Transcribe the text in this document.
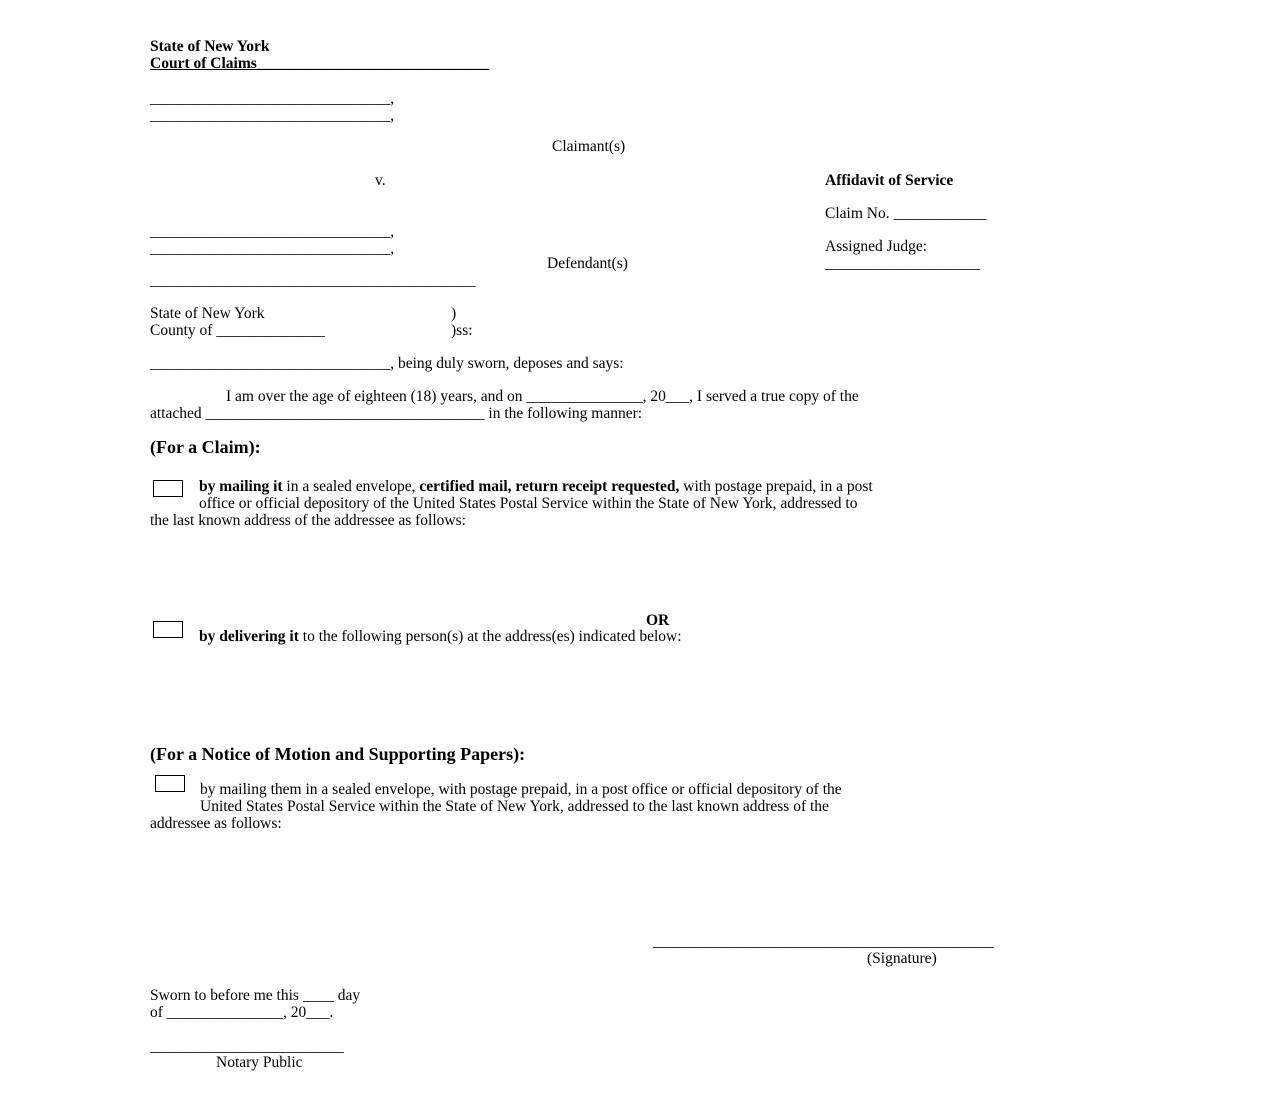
State of New York
Court of Claims______________________________
_______________________________,
_______________________________,
Claimant(s)
v.	Affidavit of Service
Claim No. ____________
Assigned Judge:
____________________
_______________________________,
_______________________________,
Defendant(s)
__________________________________________
State of New York	)
County of ______________	)ss:
_______________________________, being duly sworn, deposes and says:
I am over the age of eighteen (18) years, and on _______________, 20___, I served a true copy of the
attached ____________________________________ in the following manner:
(For a Claim):
by mailing it in a sealed envelope, certified mail, return receipt requested, with postage prepaid, in a post
office or official depository of the United States Postal Service within the State of New York, addressed to
the last known address of the addressee as follows:
OR
by delivering it to the following person(s) at the address(es) indicated below:
(For a Notice of Motion and Supporting Papers):
by mailing them in a sealed envelope, with postage prepaid, in a post office or official depository of the
United States Postal Service within the State of New York, addressed to the last known address of the
addressee as follows:
____________________________________________
(Signature)
Sworn to before me this ____ day
of _______________, 20___.
_________________________
Notary Public
